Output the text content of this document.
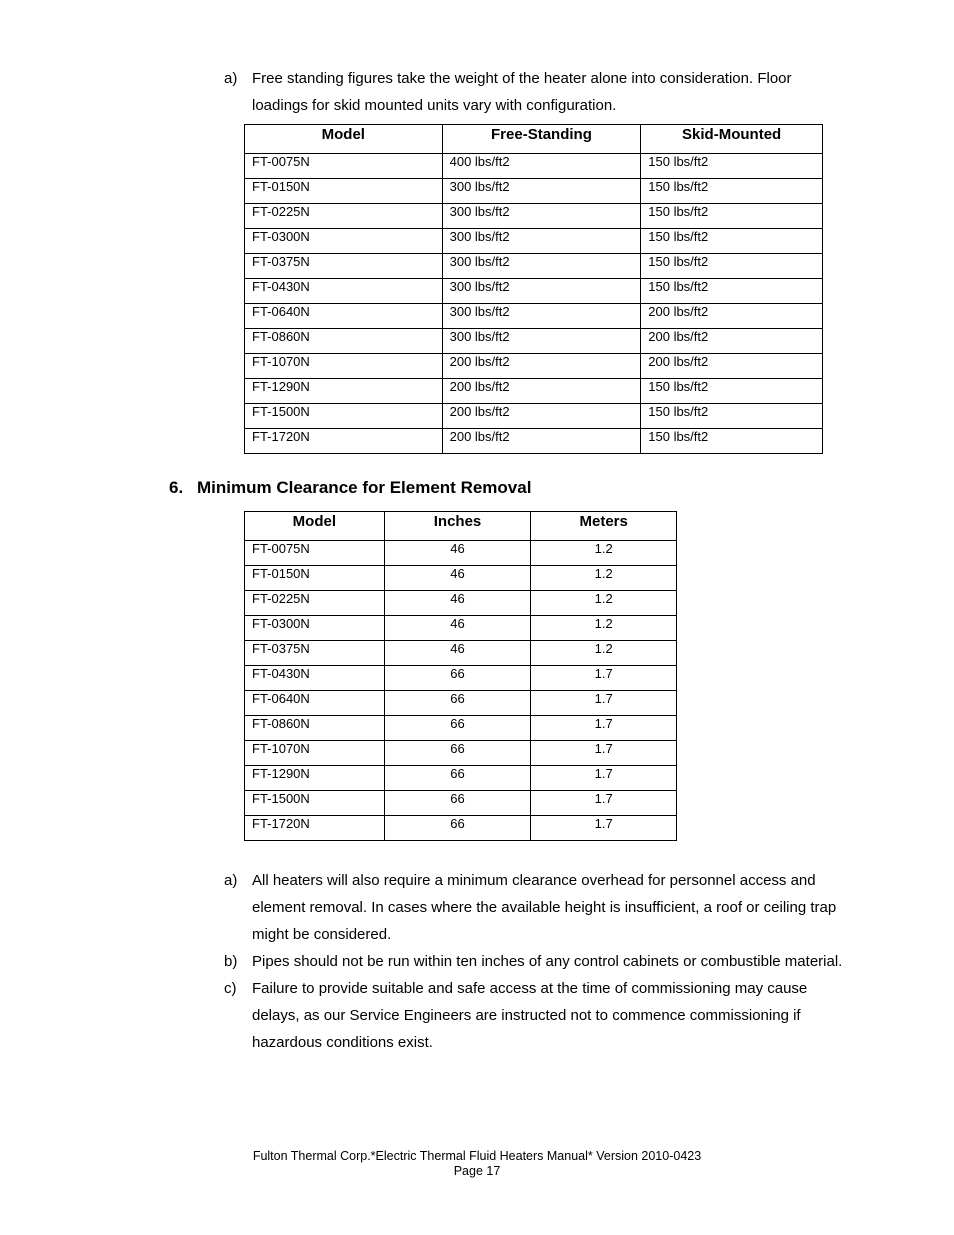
a) Free standing figures take the weight of the heater alone into consideration. Floor
loadings for skid mounted units vary with configuration.
Model	Free-Standing	Skid-Mounted
FT-0075N	400 lbs/ft2	150 lbs/ft2
FT-0150N	300 lbs/ft2	150 lbs/ft2
FT-0225N	300 lbs/ft2	150 lbs/ft2
FT-0300N	300 lbs/ft2	150 lbs/ft2
FT-0375N	300 lbs/ft2	150 lbs/ft2
FT-0430N	300 lbs/ft2	150 lbs/ft2
FT-0640N	300 lbs/ft2	200 lbs/ft2
FT-0860N	300 lbs/ft2	200 lbs/ft2
FT-1070N	200 lbs/ft2	200 lbs/ft2
FT-1290N	200 lbs/ft2	150 lbs/ft2
FT-1500N	200 lbs/ft2	150 lbs/ft2
FT-1720N	200 lbs/ft2	150 lbs/ft2
6. Minimum Clearance for Element Removal
Model	Inches	Meters
FT-0075N	46	1.2
FT-0150N	46	1.2
FT-0225N	46	1.2
FT-0300N	46	1.2
FT-0375N	46	1.2
FT-0430N	66	1.7
FT-0640N	66	1.7
FT-0860N	66	1.7
FT-1070N	66	1.7
FT-1290N	66	1.7
FT-1500N	66	1.7
FT-1720N	66	1.7
a) All heaters will also require a minimum clearance overhead for personnel access and
element removal. In cases where the available height is insufficient, a roof or ceiling trap
might be considered.
b) Pipes should not be run within ten inches of any control cabinets or combustible material.
c) Failure to provide suitable and safe access at the time of commissioning may cause
delays, as our Service Engineers are instructed not to commence commissioning if
hazardous conditions exist.
Fulton Thermal Corp.*Electric Thermal Fluid Heaters Manual* Version 2010-0423
Page 17
